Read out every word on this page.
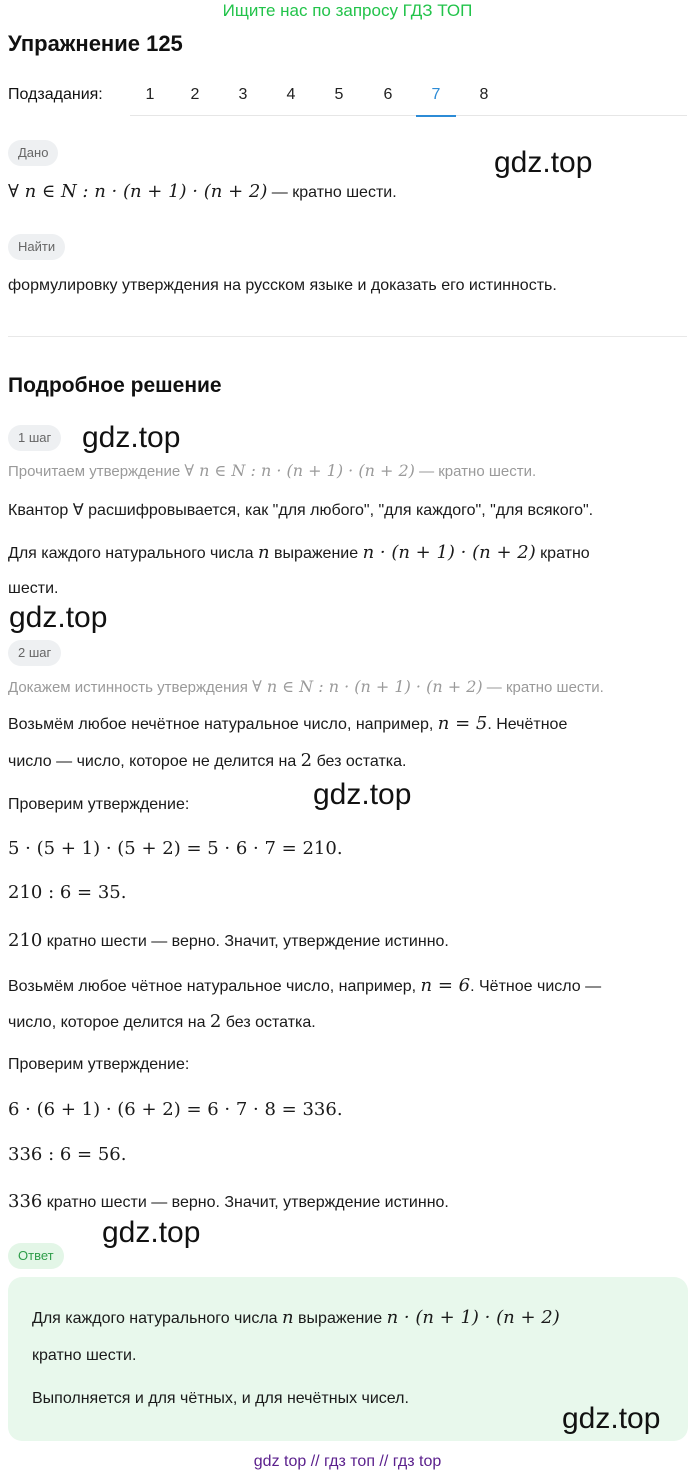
Ищите нас по запросу ГДЗ ТОП
Упражнение 125
Подзадания:	1	2	3	4	5	6	7	8
Дано	gdz.top
∀ n ∈ N : n · (n + 1) · (n + 2) — кратно шести.
Найти
формулировку утверждения на русском языке и доказать его истинность.
Подробное решение
1 шаг	gdz.top
Прочитаем утверждение ∀ n ∈ N : n · (n + 1) · (n + 2) — кратно шести.
Квантор ∀ расшифровывается, как "для любого", "для каждого", "для всякого".
Для каждого натурального числа n выражение n · (n + 1) · (n + 2) кратно
шести.
gdz.top
2 шаг
Докажем истинность утверждения ∀ n ∈ N : n · (n + 1) · (n + 2) — кратно шести.
Возьмём любое нечётное натуральное число, например, n = 5. Нечётное
число — число, которое не делится на 2 без остатка.
Проверим утверждение:	gdz.top
5 · (5 + 1) · (5 + 2) = 5 · 6 · 7 = 210.
210 : 6 = 35.
210 кратно шести — верно. Значит, утверждение истинно.
Возьмём любое чётное натуральное число, например, n = 6. Чётное число —
число, которое делится на 2 без остатка.
Проверим утверждение:
6 · (6 + 1) · (6 + 2) = 6 · 7 · 8 = 336.
336 : 6 = 56.
336 кратно шести — верно. Значит, утверждение истинно.
gdz.top
Ответ
Для каждого натурального числа n выражение n · (n + 1) · (n + 2)
кратно шести.
Выполняется и для чётных, и для нечётных чисел.
gdz.top
gdz top // гдз топ // гдз top
